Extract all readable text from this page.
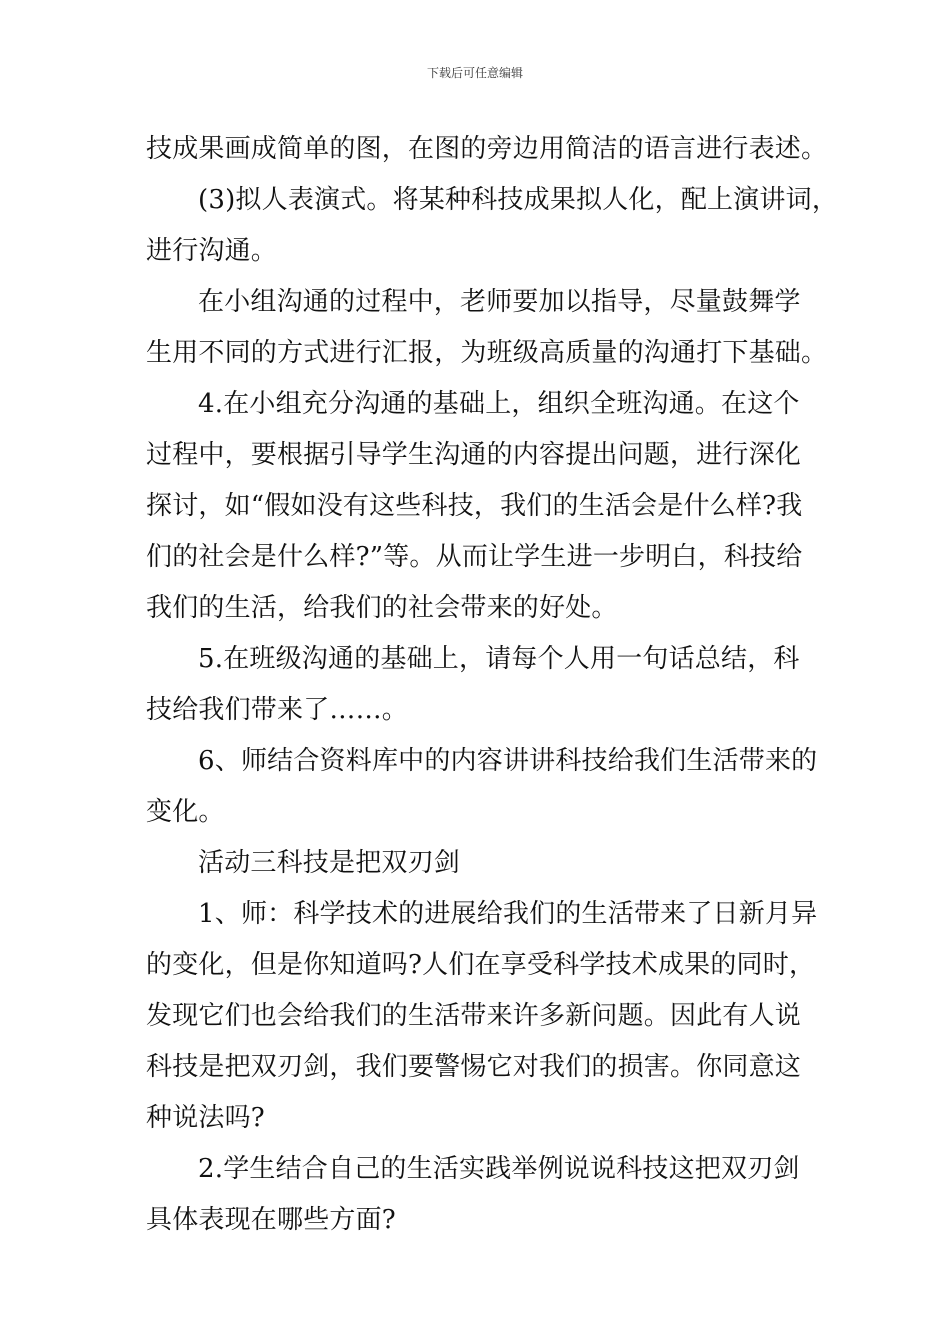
下载后可任意编辑
技成果画成简单的图，在图的旁边用简洁的语言进行表述。
(3)拟人表演式。将某种科技成果拟人化，配上演讲词，
进行沟通。
在小组沟通的过程中，老师要加以指导，尽量鼓舞学
生用不同的方式进行汇报，为班级高质量的沟通打下基础。
4.在小组充分沟通的基础上，组织全班沟通。在这个
过程中，要根据引导学生沟通的内容提出问题，进行深化
探讨，如“假如没有这些科技，我们的生活会是什么样?我
们的社会是什么样?”等。从而让学生进一步明白，科技给
我们的生活，给我们的社会带来的好处。
5.在班级沟通的基础上，请每个人用一句话总结，科
技给我们带来了……。
6、师结合资料库中的内容讲讲科技给我们生活带来的
变化。
活动三科技是把双刃剑
1、师：科学技术的进展给我们的生活带来了日新月异
的变化，但是你知道吗?人们在享受科学技术成果的同时，
发现它们也会给我们的生活带来许多新问题。因此有人说
科技是把双刃剑，我们要警惕它对我们的损害。你同意这
种说法吗?
2.学生结合自己的生活实践举例说说科技这把双刃剑
具体表现在哪些方面?
